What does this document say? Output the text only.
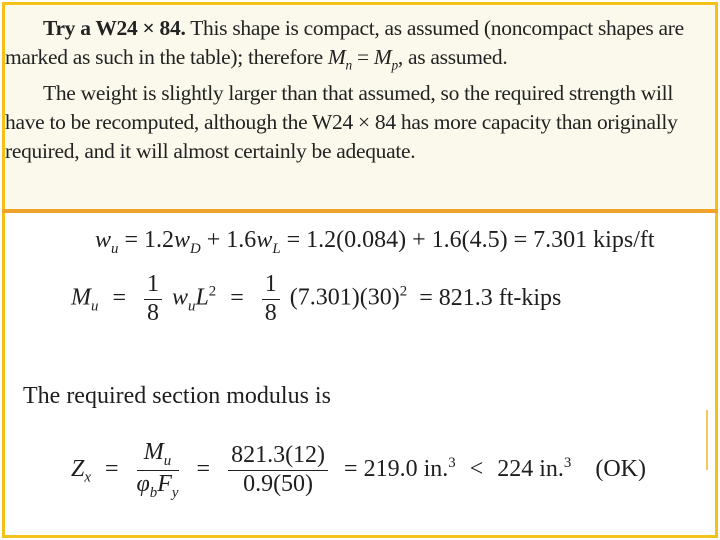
Try a W24 × 84. This shape is compact, as assumed (noncompact shapes are marked as such in the table); therefore $M_n = M_p$, as assumed.

The weight is slightly larger than that assumed, so the required strength will have to be recomputed, although the W24 × 84 has more capacity than originally required, and it will almost certainly be adequate.

$w_u = 1.2w_D + 1.6w_L = 1.2(0.084) + 1.6(4.5) = 7.301$ kips/ft
$M_u = \frac{1}{8} w_uL^2 = \frac{1}{8} (7.301)(30)^2 = 821.3$ ft-kips
The required section modulus is
$Z_x = \frac{M_u}{\varphi_bF_y} = \frac{821.3(12)}{0.9(50)} = 219.0$ in.$^3$ < 224 in.$^3$ (OK)
